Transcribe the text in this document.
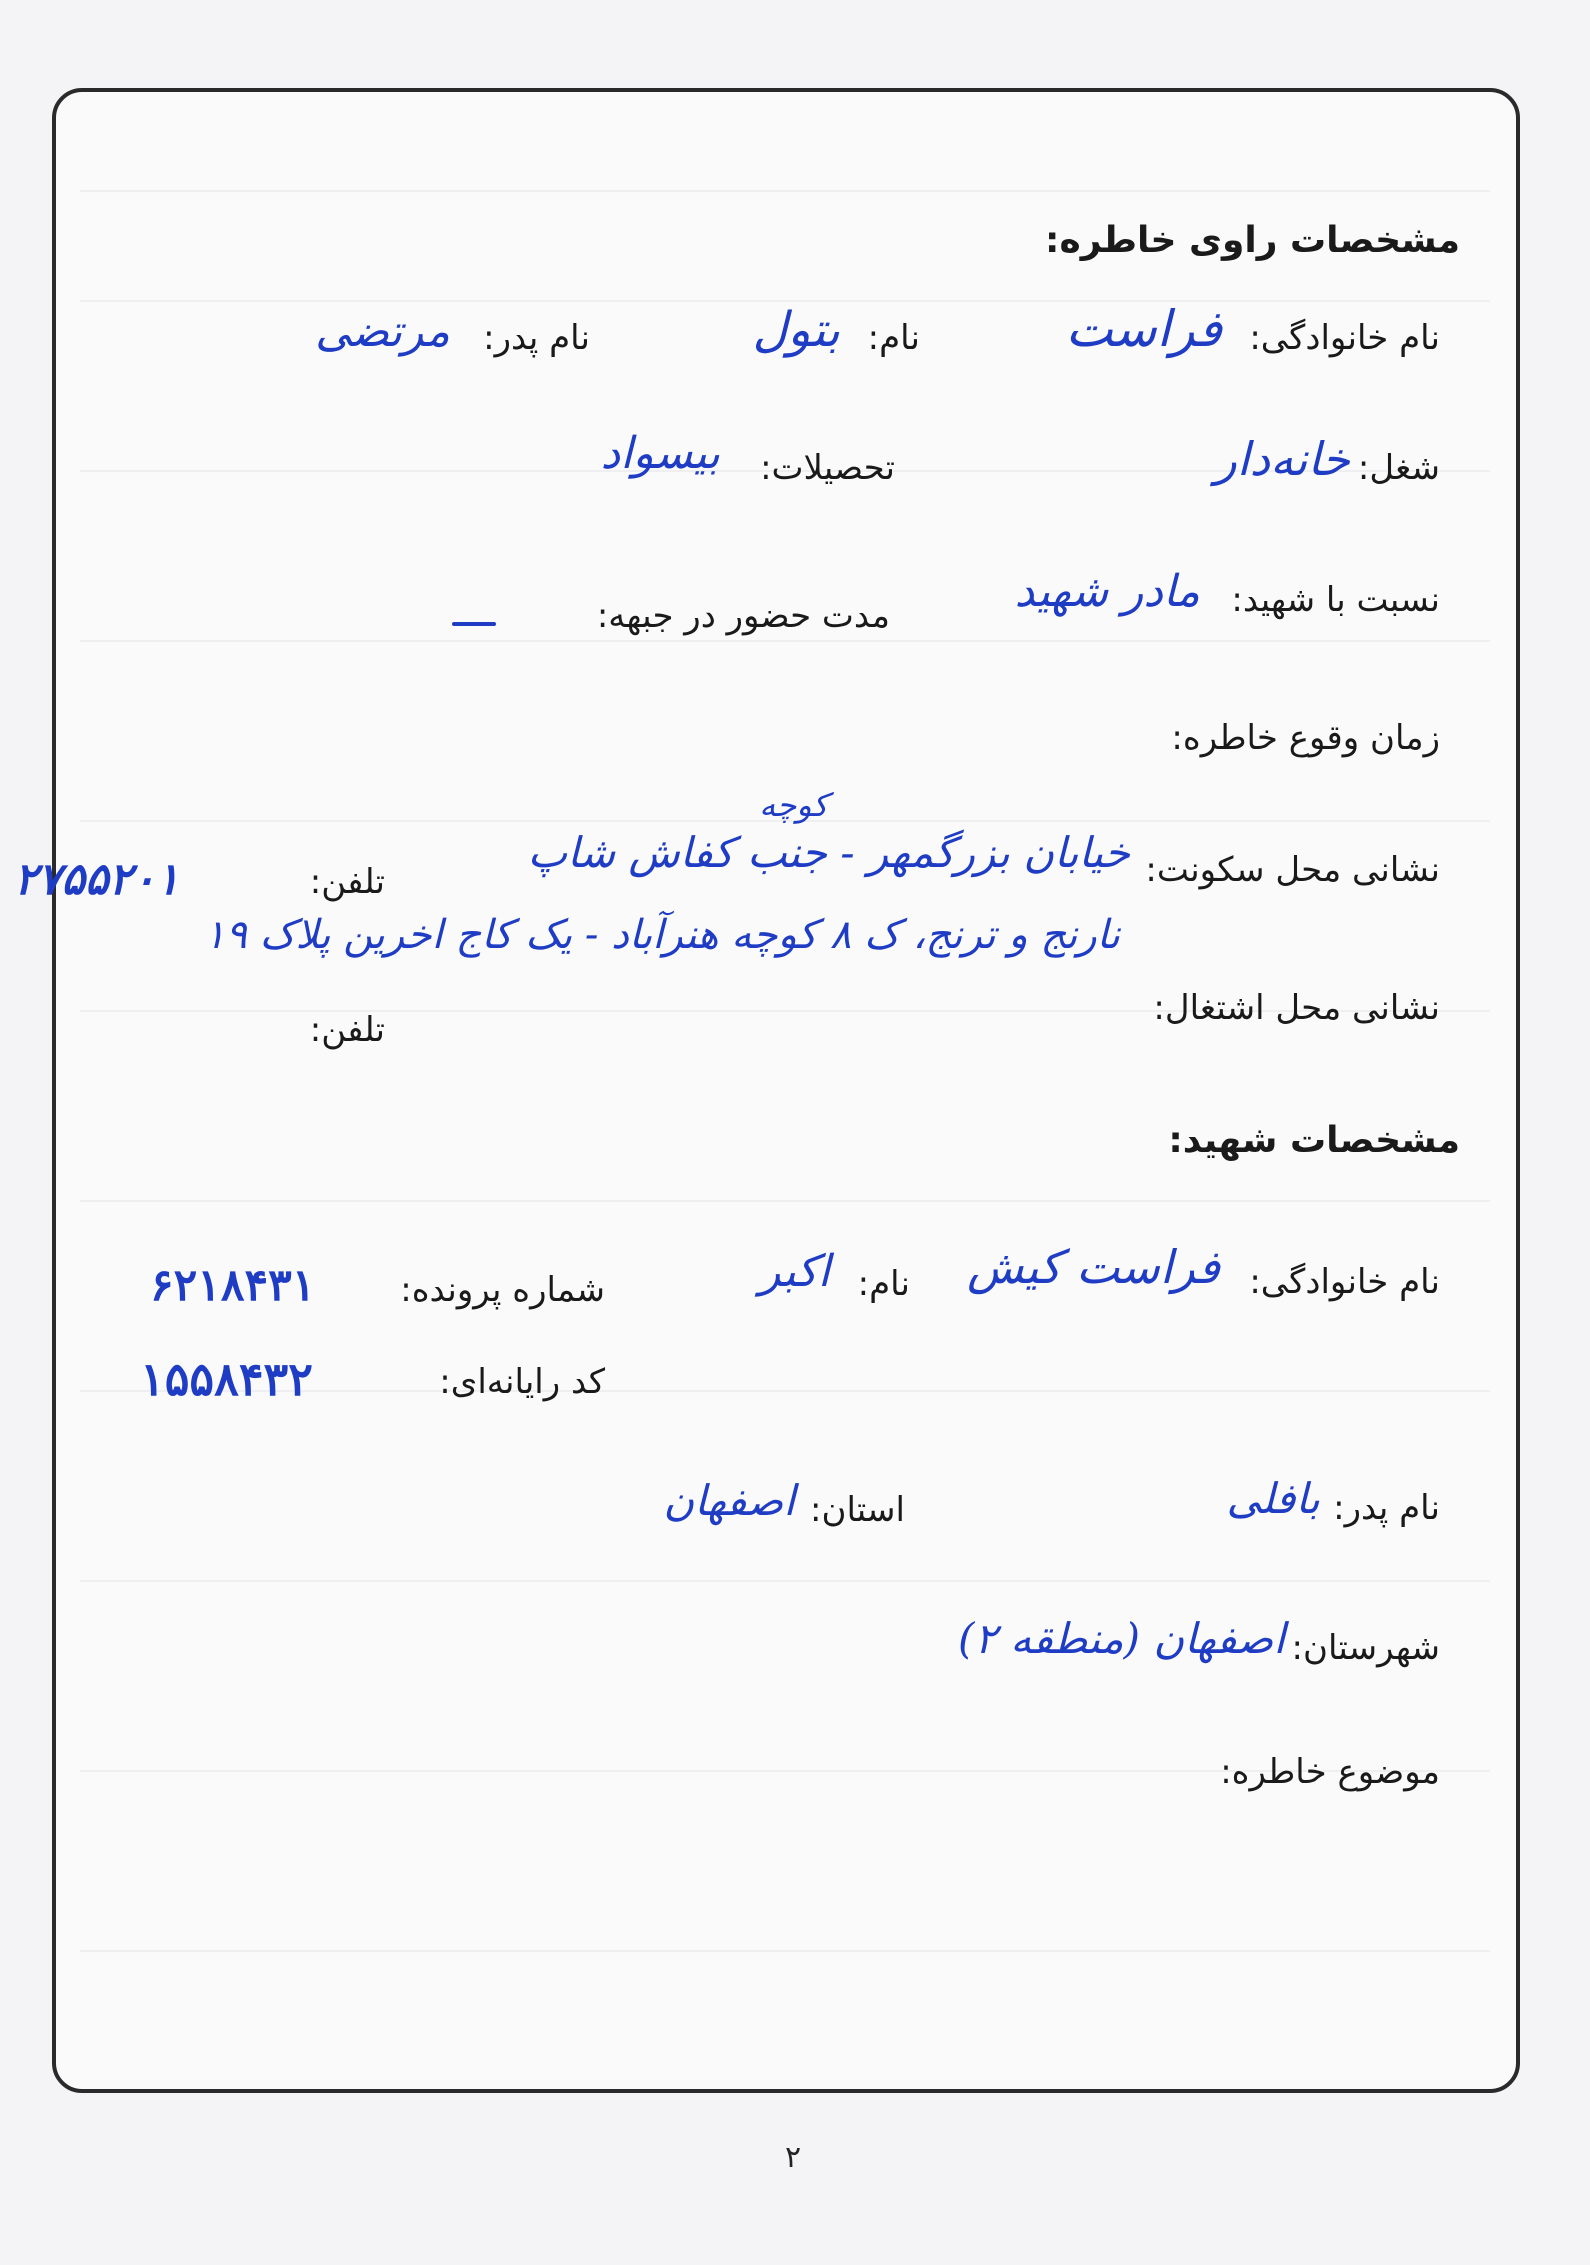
مشخصات راوی خاطره:
نام خانوادگی:
فراست
نام:
بتول
نام پدر:
مرتضی
شغل:
خانه‌دار
تحصیلات:
بیسواد
نسبت با شهید:
مادر شهید
مدت حضور در جبهه:
زمان وقوع خاطره:
نشانی محل سکونت:
کوچه
خیابان بزرگمهر - جنب کفاش شاپ
تلفن:
۲۷۵۵۲۰۱
نارنج و ترنج، ک ۸ کوچه هنرآباد - یک کاج اخرین پلاک ۱۹
نشانی محل اشتغال:
تلفن:
مشخصات شهید:
نام خانوادگی:
فراست کیش
نام:
اکبر
شماره پرونده:
۶۲۱۸۴۳۱
کد رایانه‌ای:
۱۵۵۸۴۳۲
نام پدر:
بافلی
استان:
اصفهان
شهرستان:
اصفهان (منطقه ۲)
موضوع خاطره:
۲
